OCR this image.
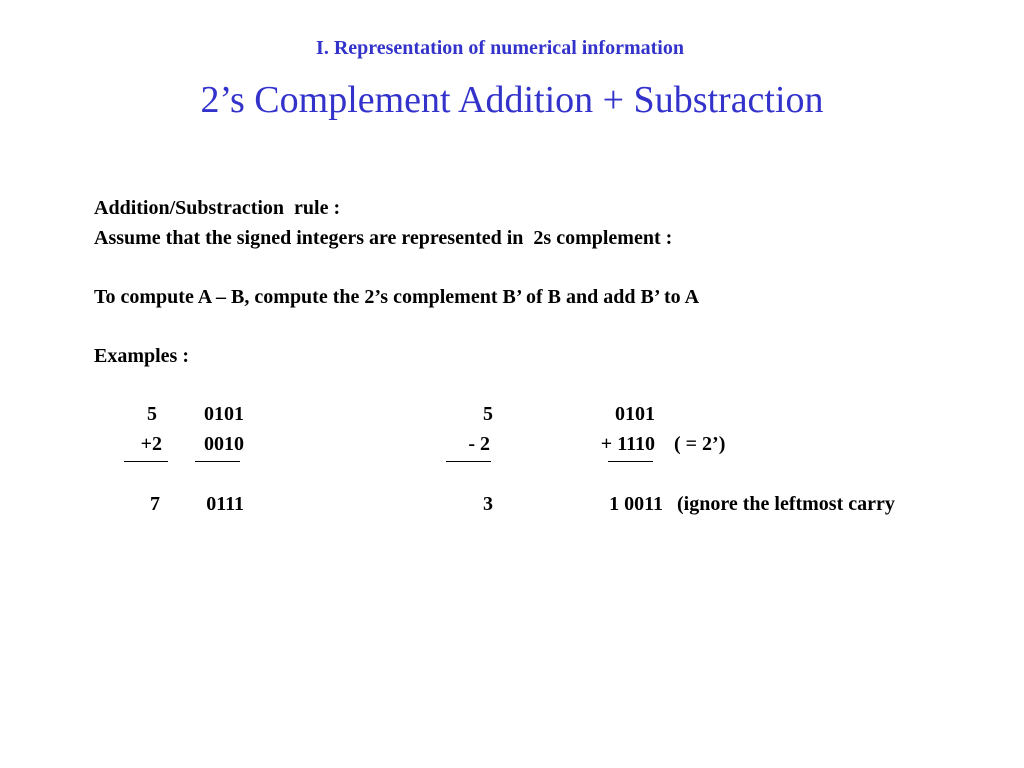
I. Representation of numerical information
2’s Complement Addition + Substraction
Addition/Substraction  rule :
Assume that the signed integers are represented in  2s complement :
To compute A – B, compute the 2’s complement B’ of B and add B’ to A
Examples :
5	0101
+2	0010
7	0111
5	0101
- 2	+ 1110 ( = 2’)
3	1 0011 (ignore the leftmost carry
